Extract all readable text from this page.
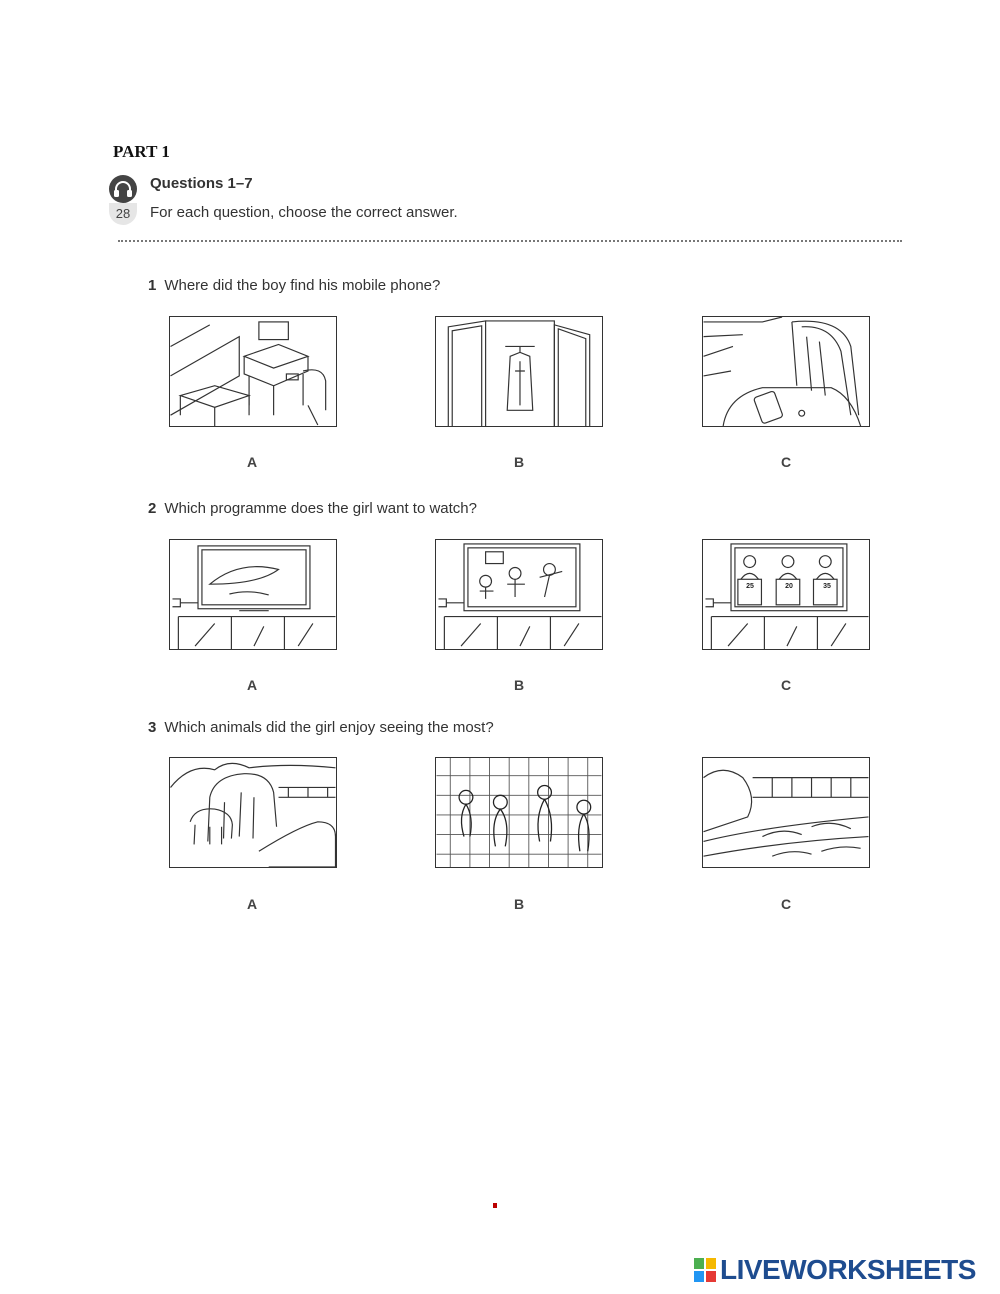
PART 1
28
Questions 1–7
For each question, choose the correct answer.
1 Where did the boy find his mobile phone?
A	B	C
2 Which programme does the girl want to watch?
25	20	35
A	B	C
3 Which animals did the girl enjoy seeing the most?
A	B	C
LIVEWORKSHEETS
